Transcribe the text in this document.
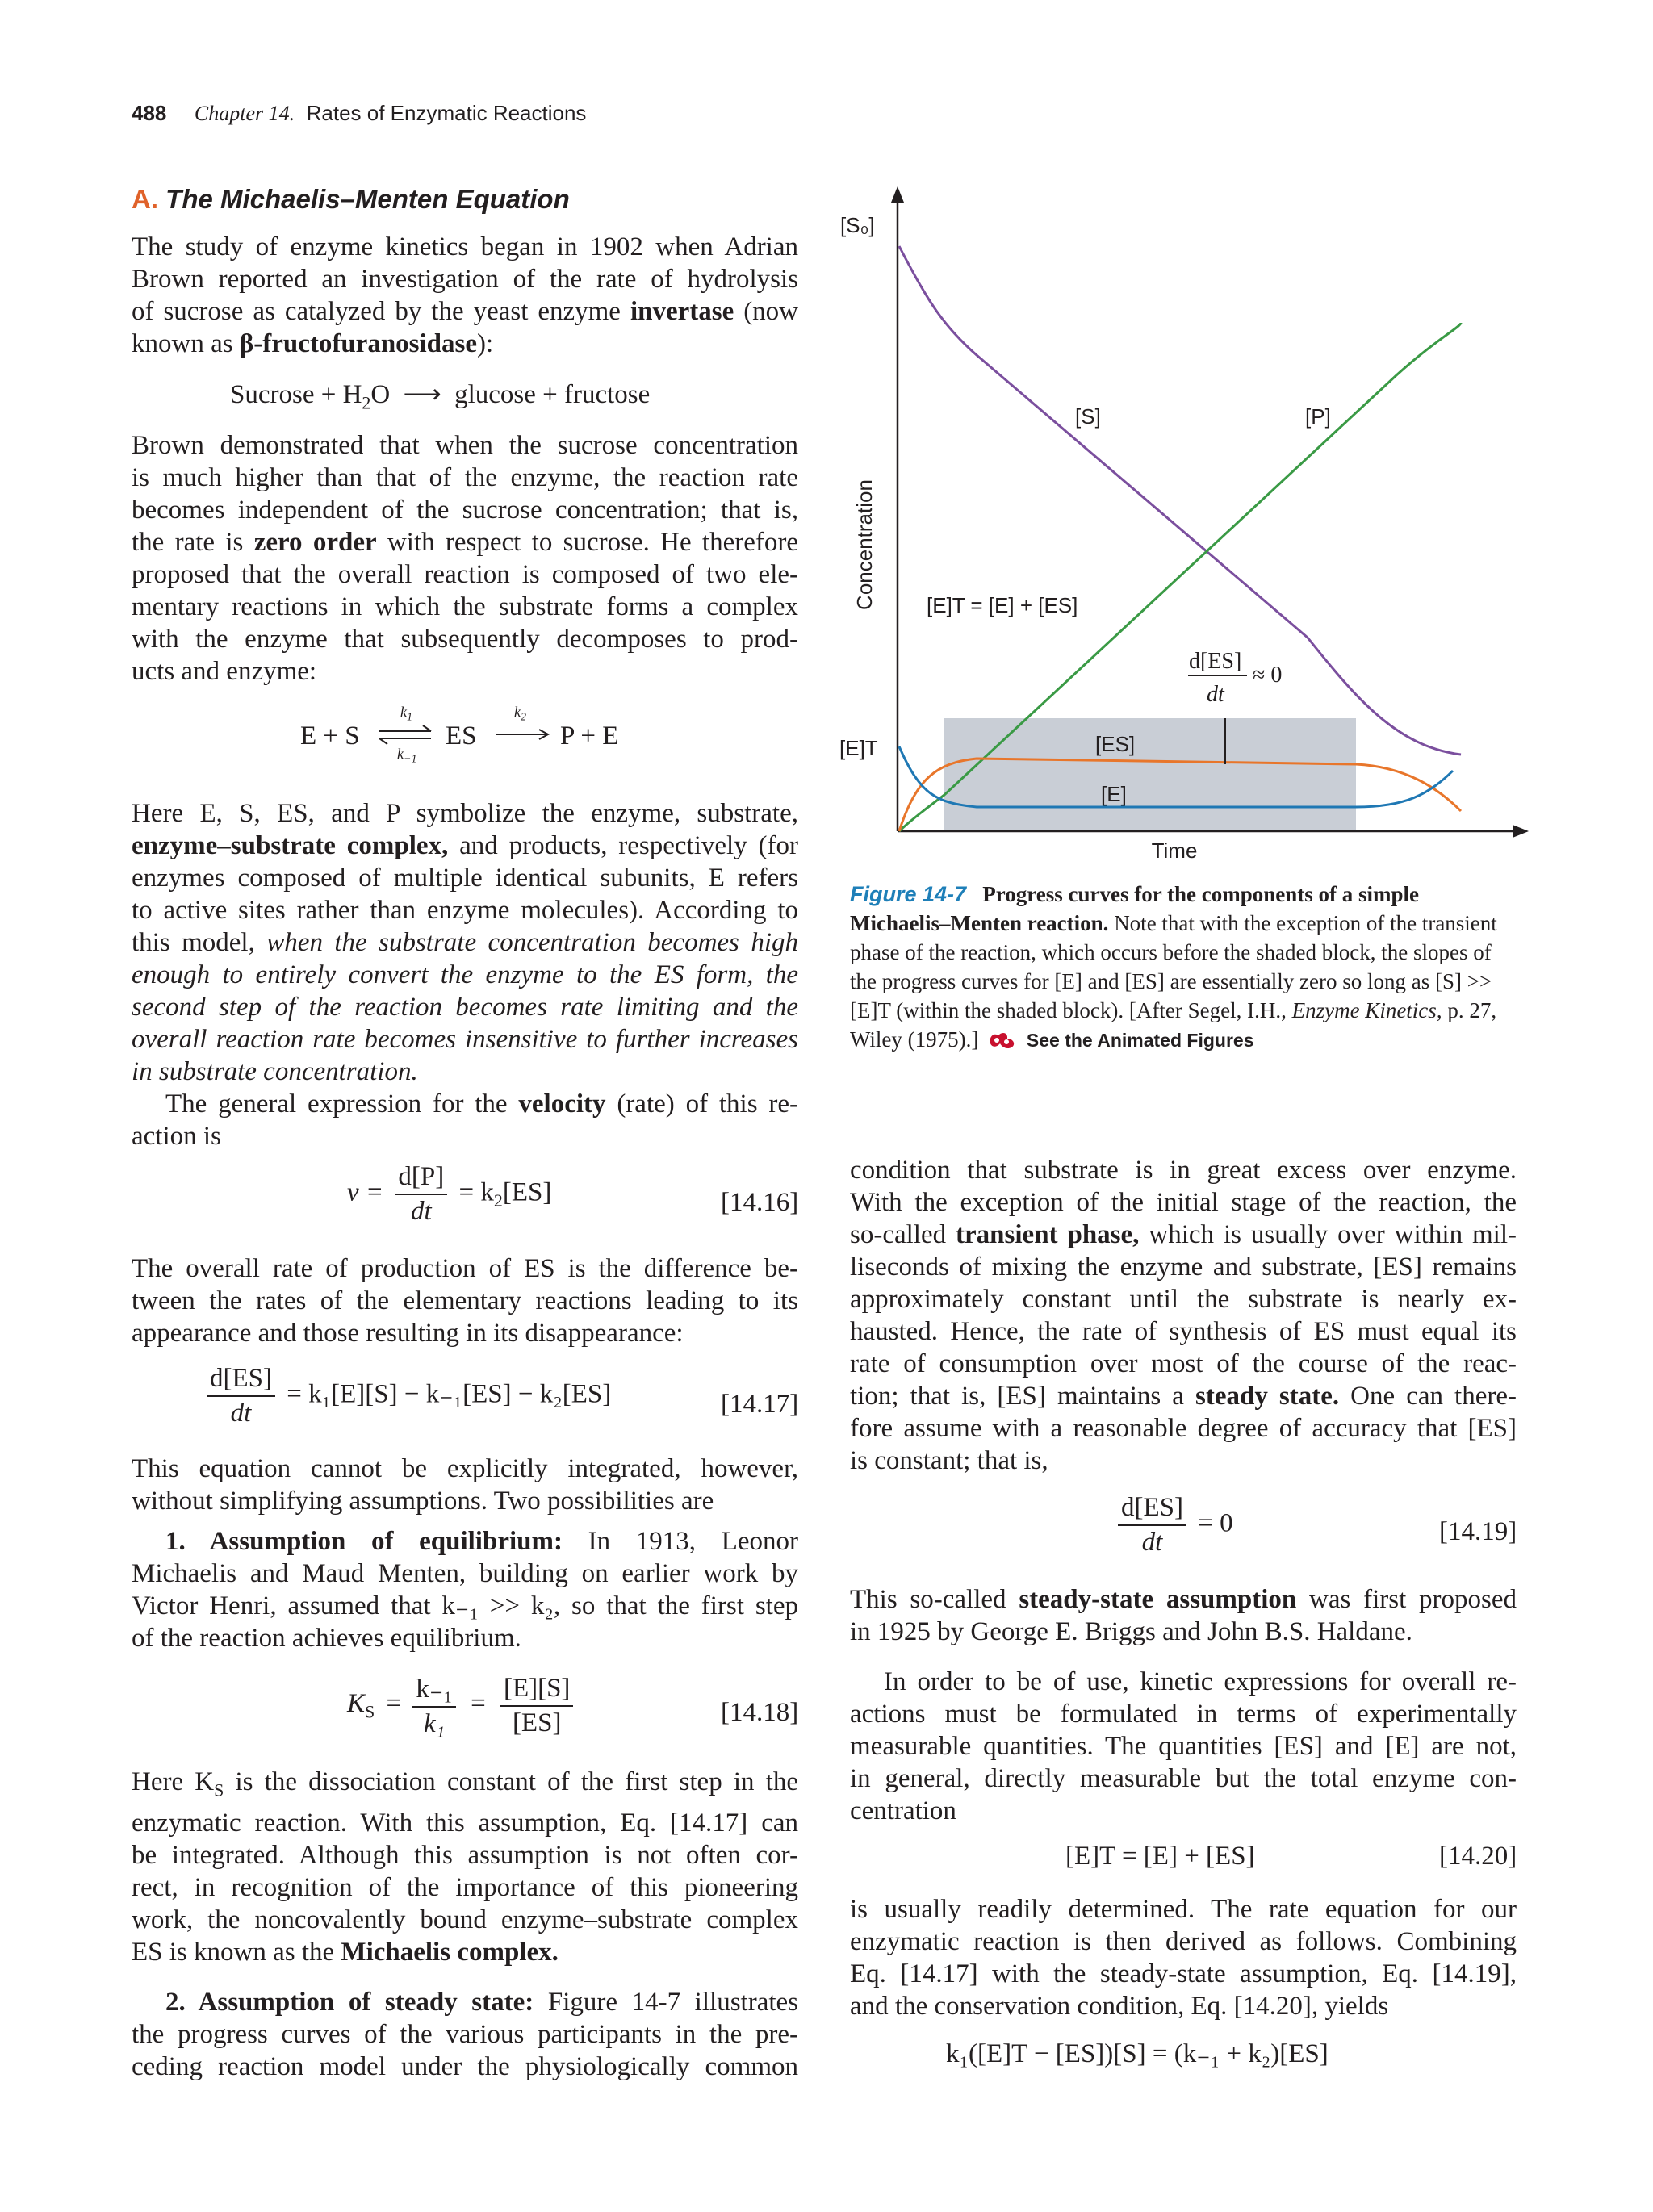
488 Chapter 14. Rates of Enzymatic Reactions
A. The Michaelis–Menten Equation

The study of enzyme kinetics began in 1902 when Adrian

Brown reported an investigation of the rate of hydrolysis

of sucrose as catalyzed by the yeast enzyme invertase (now

known as β-fructofuranosidase):

Sucrose + $H_2O$ ⟶ glucose + fructose

Brown demonstrated that when the sucrose concentration

is much higher than that of the enzyme, the reaction rate

becomes independent of the sucrose concentration; that is,

the rate is zero order with respect to sucrose. He therefore

proposed that the overall reaction is composed of two ele-

mentary reactions in which the substrate forms a complex

with the enzyme that subsequently decomposes to prod-

ucts and enzyme:

E + S
$k_1$
$k_{-1}$
ES
$k_2$
P + E

Here E, S, ES, and P symbolize the enzyme, substrate,

enzyme–substrate complex, and products, respectively (for

enzymes composed of multiple identical subunits, E refers

to active sites rather than enzyme molecules). According to

this model, when the substrate concentration becomes high

enough to entirely convert the enzyme to the ES form, the

second step of the reaction becomes rate limiting and the

overall reaction rate becomes insensitive to further increases

in substrate concentration.

The general expression for the velocity (rate) of this re-

action is

$v = \frac{d[P]}{dt} = k_2[ES]$	[14.16]

The overall rate of production of ES is the difference be-

tween the rates of the elementary reactions leading to its

appearance and those resulting in its disappearance:

$\frac{d[ES]}{dt} = k_1[E][S] - k_{-1}[ES] - k_2[ES]$	[14.17]

This equation cannot be explicitly integrated, however,

without simplifying assumptions. Two possibilities are

1. Assumption of equilibrium: In 1913, Leonor

Michaelis and Maud Menten, building on earlier work by

Victor Henri, assumed that k₋₁ >> k₂, so that the first step

of the reaction achieves equilibrium.

$K_S = \frac{\text{k₋₁}}{\text{k₁}} = \frac{[E][S]}{[ES]}$	[14.18]

Here $K_S$ is the dissociation constant of the first step in the

enzymatic reaction. With this assumption, Eq. [14.17] can

be integrated. Although this assumption is not often cor-

rect, in recognition of the importance of this pioneering

work, the noncovalently bound enzyme–substrate complex

ES is known as the Michaelis complex.

2. Assumption of steady state: Figure 14-7 illustrates

the progress curves of the various participants in the pre-

ceding reaction model under the physiologically common

[S₀]
[E]T
Concentration
Time
[S]	[P]
[E]T = [E] + [ES]
d[ES]
dt
≈ 0
[ES]
[E]
Figure 14-7 Progress curves for the components of a simple Michaelis–Menten reaction. Note that with the exception of the transient phase of the reaction, which occurs before the shaded block, the slopes of the progress curves for [E] and [ES] are essentially zero so long as [S] >> [E]T (within the shaded block). [After Segel, I.H., Enzyme Kinetics, p. 27, Wiley (1975).]	See the Animated Figures

condition that substrate is in great excess over enzyme.

With the exception of the initial stage of the reaction, the

so-called transient phase, which is usually over within mil-

liseconds of mixing the enzyme and substrate, [ES] remains

approximately constant until the substrate is nearly ex-

hausted. Hence, the rate of synthesis of ES must equal its

rate of consumption over most of the course of the reac-

tion; that is, [ES] maintains a steady state. One can there-

fore assume with a reasonable degree of accuracy that [ES]

is constant; that is,

$\frac{d[ES]}{dt} = 0$	[14.19]

This so-called steady-state assumption was first proposed

in 1925 by George E. Briggs and John B.S. Haldane.

In order to be of use, kinetic expressions for overall re-

actions must be formulated in terms of experimentally

measurable quantities. The quantities [ES] and [E] are not,

in general, directly measurable but the total enzyme con-

centration

[E]T = [E] + [ES]	[14.20]

is usually readily determined. The rate equation for our

enzymatic reaction is then derived as follows. Combining

Eq. [14.17] with the steady-state assumption, Eq. [14.19],

and the conservation condition, Eq. [14.20], yields

k₁([E]T − [ES])[S] = (k₋₁ + k₂)[ES]
